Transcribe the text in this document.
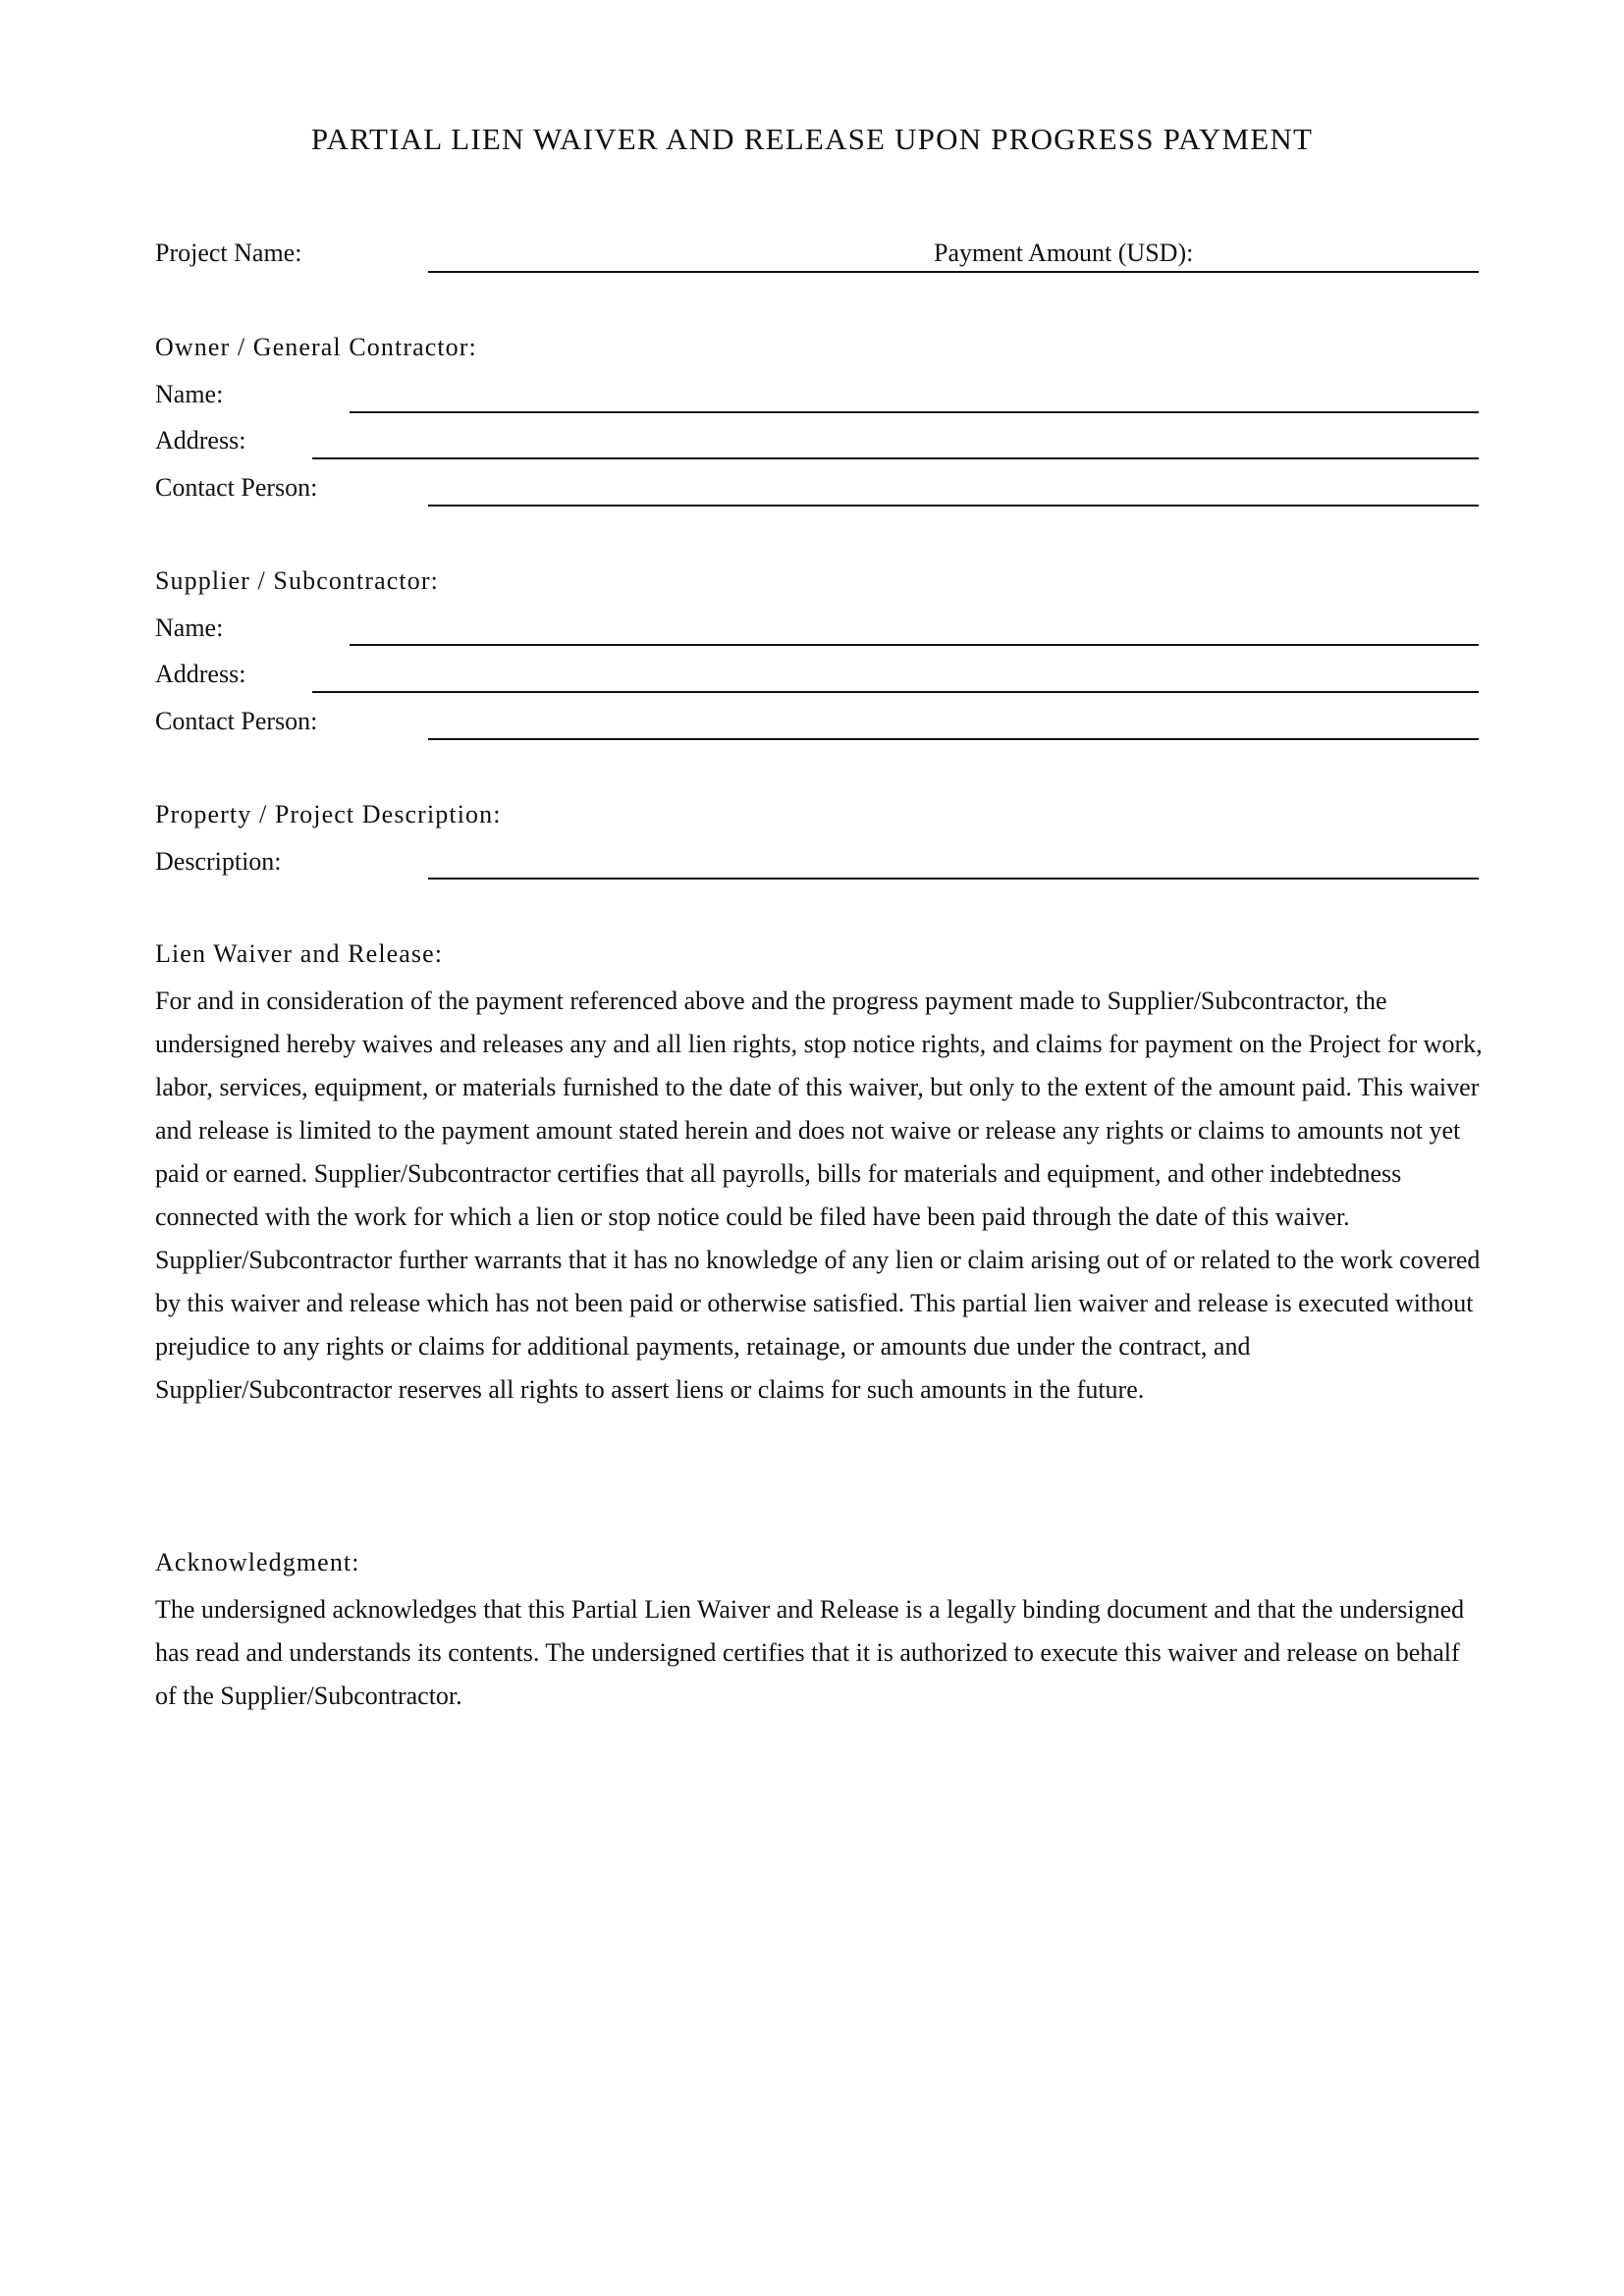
PARTIAL LIEN WAIVER AND RELEASE UPON PROGRESS PAYMENT
Project Name:	Payment Amount (USD):
Owner / General Contractor:
Name:
Address:
Contact Person:
Supplier / Subcontractor:
Name:
Address:
Contact Person:
Property / Project Description:
Description:
Lien Waiver and Release:
For and in consideration of the payment referenced above and the progress payment made to Supplier/Subcontractor, the undersigned hereby waives and releases any and all lien rights, stop notice rights, and claims for payment on the Project for work, labor, services, equipment, or materials furnished to the date of this waiver, but only to the extent of the amount paid. This waiver and release is limited to the payment amount stated herein and does not waive or release any rights or claims to amounts not yet paid or earned. Supplier/Subcontractor certifies that all payrolls, bills for materials and equipment, and other indebtedness connected with the work for which a lien or stop notice could be filed have been paid through the date of this waiver. Supplier/Subcontractor further warrants that it has no knowledge of any lien or claim arising out of or related to the work covered by this waiver and release which has not been paid or otherwise satisfied. This partial lien waiver and release is executed without prejudice to any rights or claims for additional payments, retainage, or amounts due under the contract, and Supplier/Subcontractor reserves all rights to assert liens or claims for such amounts in the future.
Acknowledgment:
The undersigned acknowledges that this Partial Lien Waiver and Release is a legally binding document and that the undersigned has read and understands its contents. The undersigned certifies that it is authorized to execute this waiver and release on behalf of the Supplier/Subcontractor.
